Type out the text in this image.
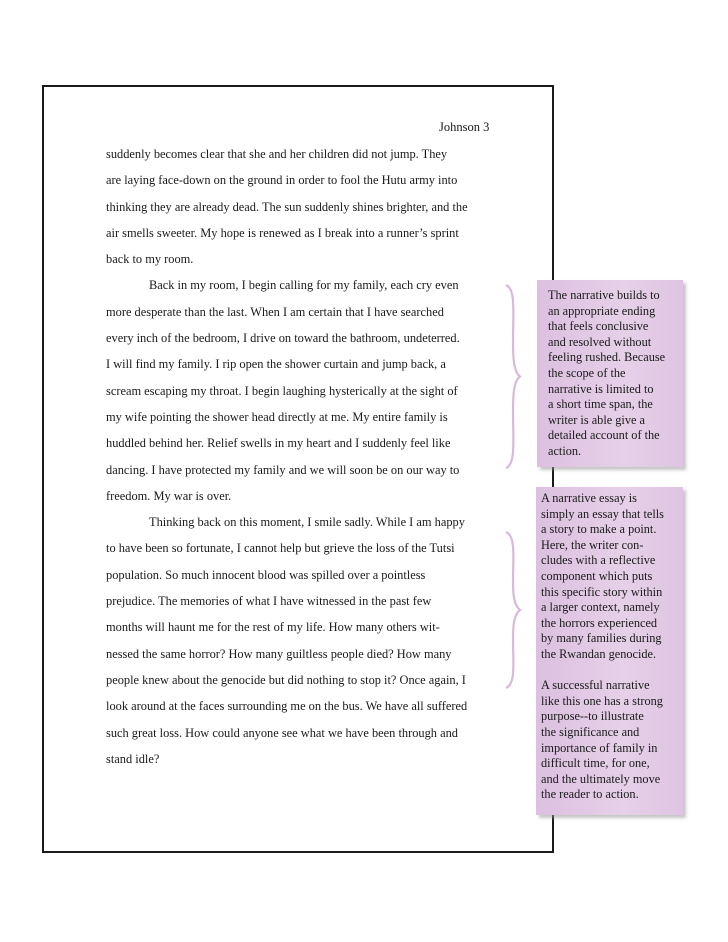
Johnson 3
suddenly becomes clear that she and her children did not jump. They
are laying face-down on the ground in order to fool the Hutu army into
thinking they are already dead. The sun suddenly shines brighter, and the
air smells sweeter. My hope is renewed as I break into a runner’s sprint
back to my room.
Back in my room, I begin calling for my family, each cry even
more desperate than the last. When I am certain that I have searched
every inch of the bedroom, I drive on toward the bathroom, undeterred.
I will find my family. I rip open the shower curtain and jump back, a
scream escaping my throat. I begin laughing hysterically at the sight of
my wife pointing the shower head directly at me. My entire family is
huddled behind her. Relief swells in my heart and I suddenly feel like
dancing. I have protected my family and we will soon be on our way to
freedom. My war is over.
Thinking back on this moment, I smile sadly. While I am happy
to have been so fortunate, I cannot help but grieve the loss of the Tutsi
population. So much innocent blood was spilled over a pointless
prejudice. The memories of what I have witnessed in the past few
months will haunt me for the rest of my life. How many others wit-
nessed the same horror? How many guiltless people died? How many
people knew about the genocide but did nothing to stop it? Once again, I
look around at the faces surrounding me on the bus. We have all suffered
such great loss. How could anyone see what we have been through and
stand idle?
The narrative builds to
an appropriate ending
that feels conclusive
and resolved without
feeling rushed. Because
the scope of the
narrative is limited to
a short time span, the
writer is able give a
detailed account of the
action.
A narrative essay is
simply an essay that tells
a story to make a point.
Here, the writer con-
cludes with a reflective
component which puts
this specific story within
a larger context, namely
the horrors experienced
by many families during
the Rwandan genocide.
A successful narrative
like this one has a strong
purpose--to illustrate
the significance and
importance of family in
difficult time, for one,
and the ultimately move
the reader to action.
